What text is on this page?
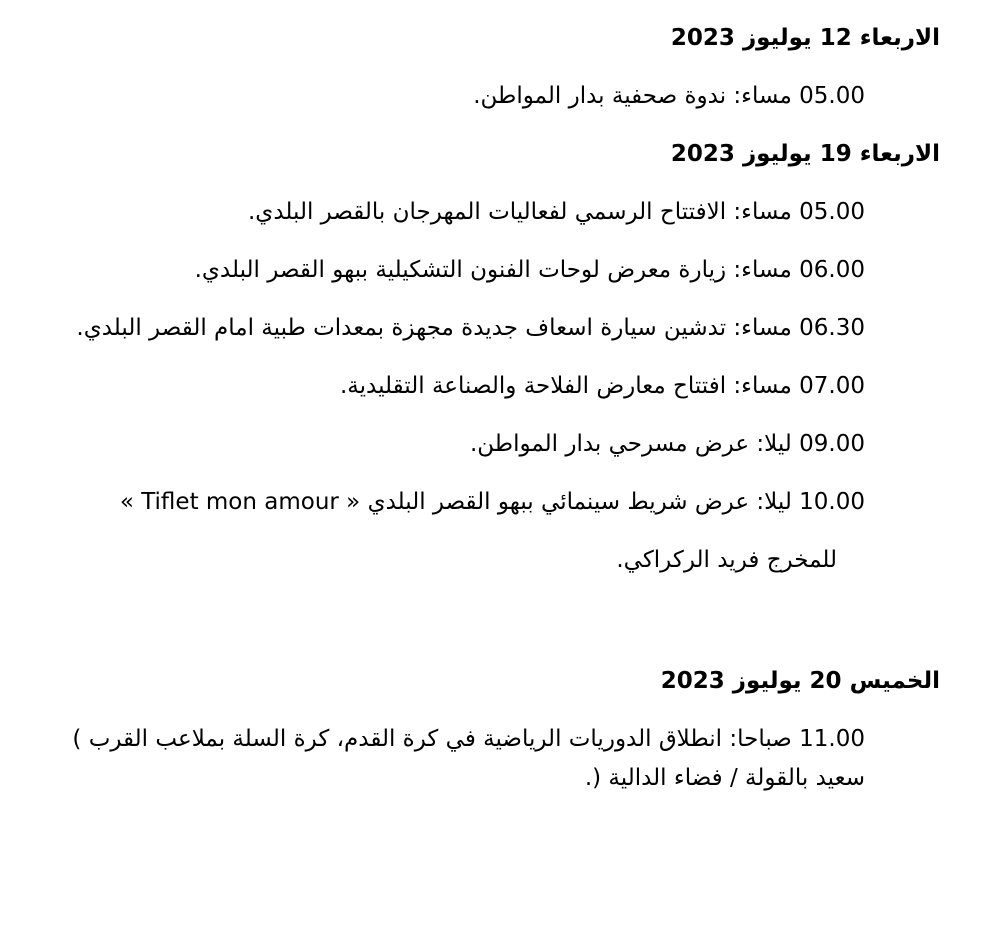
الاربعاء 12 يوليوز 2023
05.00 مساء: ندوة صحفية بدار المواطن.
الاربعاء 19 يوليوز 2023
05.00 مساء: الافتتاح الرسمي لفعاليات المهرجان بالقصر البلدي.
06.00 مساء: زيارة معرض لوحات الفنون التشكيلية ببهو القصر البلدي.
06.30 مساء: تدشين سيارة اسعاف جديدة مجهزة بمعدات طبية امام القصر البلدي.
07.00 مساء: افتتاح معارض الفلاحة والصناعة التقليدية.
09.00 ليلا: عرض مسرحي بدار المواطن.
10.00 ليلا: عرض شريط سينمائي ببهو القصر البلدي « Tiflet mon amour »
للمخرج فريد الركراكي.
الخميس 20 يوليوز 2023
11.00 صباحا: انطلاق الدوريات الرياضية في كرة القدم، كرة السلة بملاعب القرب ‎(‎
سعيد بالقولة / فضاء الدالية ‎)‎.
